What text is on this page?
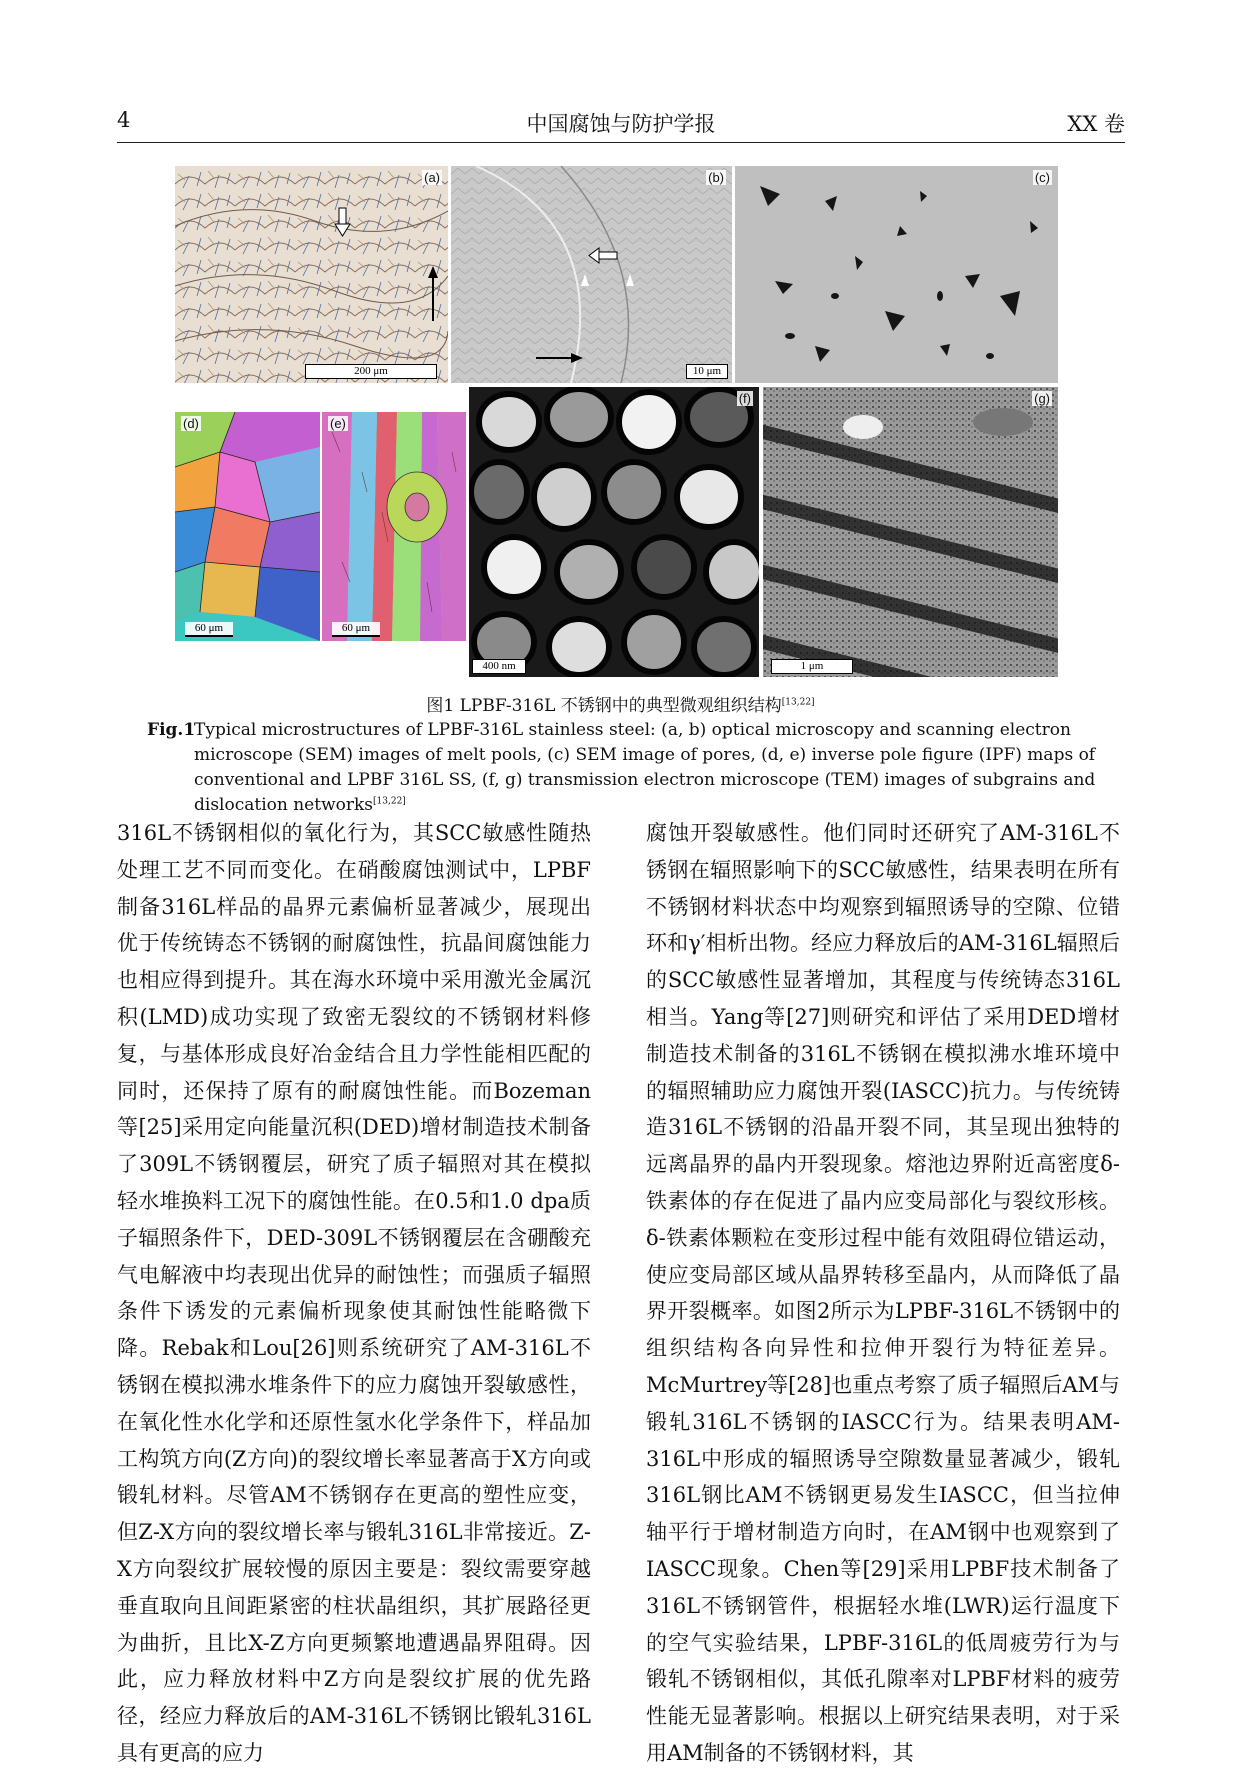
4	中国腐蚀与防护学报	XX 卷
(a)
200 μm
(b)
10 μm
(c)
(d)
60 μm
(e)
60 μm
400 nm
(f)
1 μm
(g)
图1 LPBF-316L 不锈钢中的典型微观组织结构[13,22]
Fig.1
Typical microstructures of LPBF-316L stainless steel: (a, b) optical microscopy and scanning electron microscope (SEM) images of melt pools, (c) SEM image of pores, (d, e) inverse pole figure (IPF) maps of conventional and LPBF 316L SS, (f, g) transmission electron microscope (TEM) images of subgrains and dislocation networks[13,22]

316L不锈钢相似的氧化行为，其SCC敏感性随热处理工艺不同而变化。在硝酸腐蚀测试中，LPBF制备316L样品的晶界元素偏析显著减少，展现出优于传统铸态不锈钢的耐腐蚀性，抗晶间腐蚀能力也相应得到提升。其在海水环境中采用激光金属沉积(LMD)成功实现了致密无裂纹的不锈钢材料修复，与基体形成良好冶金结合且力学性能相匹配的同时，还保持了原有的耐腐蚀性能。而Bozeman等[25]采用定向能量沉积(DED)增材制造技术制备了309L不锈钢覆层，研究了质子辐照对其在模拟轻水堆换料工况下的腐蚀性能。在0.5和1.0 dpa质子辐照条件下，DED-309L不锈钢覆层在含硼酸充气电解液中均表现出优异的耐蚀性；而强质子辐照条件下诱发的元素偏析现象使其耐蚀性能略微下降。Rebak和Lou[26]则系统研究了AM-316L不锈钢在模拟沸水堆条件下的应力腐蚀开裂敏感性，在氧化性水化学和还原性氢水化学条件下，样品加工构筑方向(Z方向)的裂纹增长率显著高于X方向或锻轧材料。尽管AM不锈钢存在更高的塑性应变，但Z-X方向的裂纹增长率与锻轧316L非常接近。Z-X方向裂纹扩展较慢的原因主要是：裂纹需要穿越垂直取向且间距紧密的柱状晶组织，其扩展路径更为曲折，且比X-Z方向更频繁地遭遇晶界阻碍。因此，应力释放材料中Z方向是裂纹扩展的优先路径，经应力释放后的AM-316L不锈钢比锻轧316L具有更高的应力

腐蚀开裂敏感性。他们同时还研究了AM-316L不锈钢在辐照影响下的SCC敏感性，结果表明在所有不锈钢材料状态中均观察到辐照诱导的空隙、位错环和γ′相析出物。经应力释放后的AM-316L辐照后的SCC敏感性显著增加，其程度与传统铸态316L相当。Yang等[27]则研究和评估了采用DED增材制造技术制备的316L不锈钢在模拟沸水堆环境中的辐照辅助应力腐蚀开裂(IASCC)抗力。与传统铸造316L不锈钢的沿晶开裂不同，其呈现出独特的远离晶界的晶内开裂现象。熔池边界附近高密度δ-铁素体的存在促进了晶内应变局部化与裂纹形核。δ-铁素体颗粒在变形过程中能有效阻碍位错运动，使应变局部区域从晶界转移至晶内，从而降低了晶界开裂概率。如图2所示为LPBF-316L不锈钢中的组织结构各向异性和拉伸开裂行为特征差异。McMurtrey等[28]也重点考察了质子辐照后AM与锻轧316L不锈钢的IASCC行为。结果表明AM-316L中形成的辐照诱导空隙数量显著减少，锻轧316L钢比AM不锈钢更易发生IASCC，但当拉伸轴平行于增材制造方向时，在AM钢中也观察到了IASCC现象。Chen等[29]采用LPBF技术制备了316L不锈钢管件，根据轻水堆(LWR)运行温度下的空气实验结果，LPBF-316L的低周疲劳行为与锻轧不锈钢相似，其低孔隙率对LPBF材料的疲劳性能无显著影响。根据以上研究结果表明，对于采用AM制备的不锈钢材料，其
